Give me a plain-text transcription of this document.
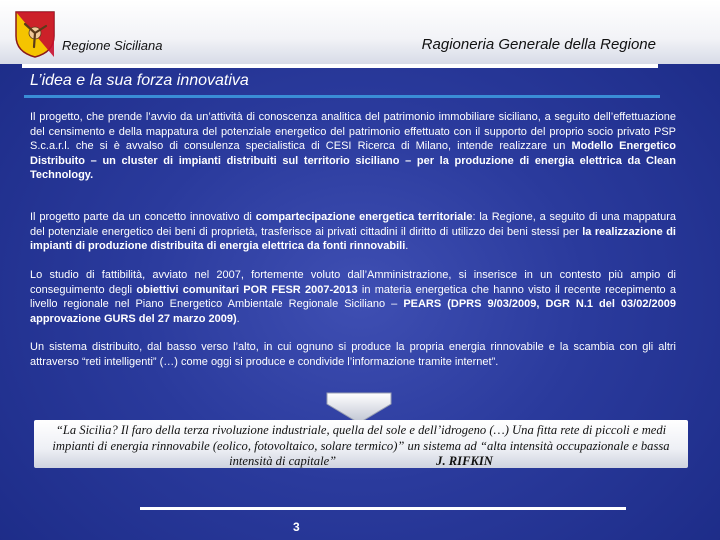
Regione Siciliana	Ragioneria Generale della Regione
L’idea e la sua forza innovativa
Il progetto, che prende l’avvio da un’attività di conoscenza analitica del patrimonio immobiliare siciliano, a seguito dell’effettuazione del censimento e della mappatura del potenziale energetico del patrimonio effettuato con il supporto del proprio socio privato PSP S.c.a.r.l. che si è avvalso di consulenza specialistica di CESI Ricerca di Milano, intende realizzare un Modello Energetico Distribuito – un cluster di impianti distribuiti sul territorio siciliano – per la produzione di energia elettrica da Clean Technology.
Il progetto parte da un concetto innovativo di compartecipazione energetica territoriale: la Regione, a seguito di una mappatura del potenziale energetico dei beni di proprietà, trasferisce ai privati cittadini il diritto di utilizzo dei beni stessi per la realizzazione di impianti di produzione distribuita di energia elettrica da fonti rinnovabili.
Lo studio di fattibilità, avviato nel 2007, fortemente voluto dall’Amministrazione, si inserisce in un contesto più ampio di conseguimento degli obiettivi comunitari POR FESR 2007-2013 in materia energetica che hanno visto il recente recepimento a livello regionale nel Piano Energetico Ambientale Regionale Siciliano – PEARS (DPRS 9/03/2009, DGR N.1 del 03/02/2009 approvazione GURS del 27 marzo 2009).
Un sistema distribuito, dal basso verso l’alto, in cui ognuno si produce la propria energia rinnovabile e la scambia con gli altri attraverso “reti intelligenti” (…) come oggi si produce e condivide l’informazione tramite internet”.
“La Sicilia? Il faro della terza rivoluzione industriale, quella del sole e dell’idrogeno (…) Una fitta rete di piccoli e medi impianti di energia rinnovabile (eolico, fotovoltaico, solare termico)” un sistema ad “alta intensità occupazionale e bassa intensità di capitale”	J. RIFKIN
3
